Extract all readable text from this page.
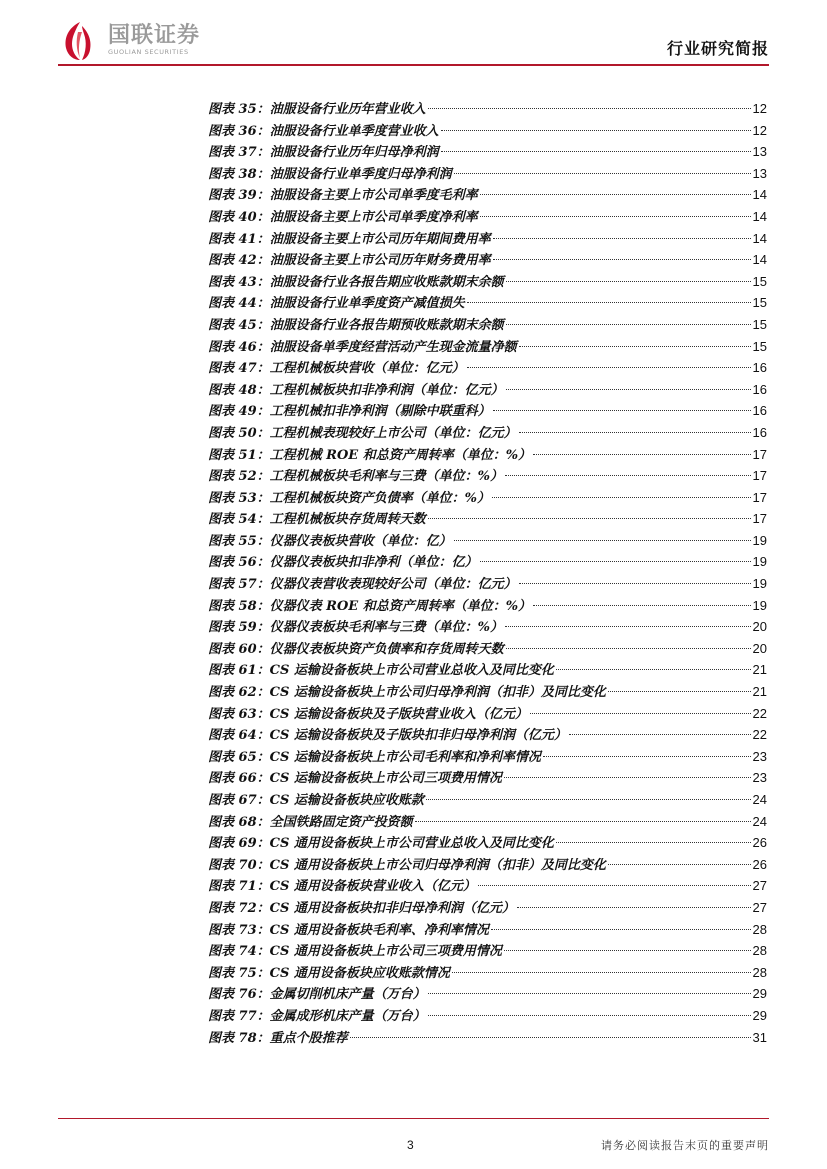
国联证券
GUOLIAN SECURITIES	行业研究简报
图表 35：油服设备行业历年营业收入	12
图表 36：油服设备行业单季度营业收入	12
图表 37：油服设备行业历年归母净利润	13
图表 38：油服设备行业单季度归母净利润	13
图表 39：油服设备主要上市公司单季度毛利率	14
图表 40：油服设备主要上市公司单季度净利率	14
图表 41：油服设备主要上市公司历年期间费用率	14
图表 42：油服设备主要上市公司历年财务费用率	14
图表 43：油服设备行业各报告期应收账款期末余额	15
图表 44：油服设备行业单季度资产减值损失	15
图表 45：油服设备行业各报告期预收账款期末余额	15
图表 46：油服设备单季度经营活动产生现金流量净额	15
图表 47：工程机械板块营收（单位：亿元）	16
图表 48：工程机械板块扣非净利润（单位：亿元）	16
图表 49：工程机械扣非净利润（剔除中联重科）	16
图表 50：工程机械表现较好上市公司（单位：亿元）	16
图表 51：工程机械 ROE 和总资产周转率（单位：%）	17
图表 52：工程机械板块毛利率与三费（单位：%）	17
图表 53：工程机械板块资产负债率（单位：%）	17
图表 54：工程机械板块存货周转天数	17
图表 55：仪器仪表板块营收（单位：亿）	19
图表 56：仪器仪表板块扣非净利（单位：亿）	19
图表 57：仪器仪表营收表现较好公司（单位：亿元）	19
图表 58：仪器仪表 ROE 和总资产周转率（单位：%）	19
图表 59：仪器仪表板块毛利率与三费（单位：%）	20
图表 60：仪器仪表板块资产负债率和存货周转天数	20
图表 61：CS 运输设备板块上市公司营业总收入及同比变化	21
图表 62：CS 运输设备板块上市公司归母净利润（扣非）及同比变化	21
图表 63：CS 运输设备板块及子版块营业收入（亿元）	22
图表 64：CS 运输设备板块及子版块扣非归母净利润（亿元）	22
图表 65：CS 运输设备板块上市公司毛利率和净利率情况	23
图表 66：CS 运输设备板块上市公司三项费用情况	23
图表 67：CS 运输设备板块应收账款	24
图表 68：全国铁路固定资产投资额	24
图表 69：CS 通用设备板块上市公司营业总收入及同比变化	26
图表 70：CS 通用设备板块上市公司归母净利润（扣非）及同比变化	26
图表 71：CS 通用设备板块营业收入（亿元）	27
图表 72：CS 通用设备板块扣非归母净利润（亿元）	27
图表 73：CS 通用设备板块毛利率、净利率情况	28
图表 74：CS 通用设备板块上市公司三项费用情况	28
图表 75：CS 通用设备板块应收账款情况	28
图表 76：金属切削机床产量（万台）	29
图表 77：金属成形机床产量（万台）	29
图表 78：重点个股推荐	31
3	请务必阅读报告末页的重要声明
